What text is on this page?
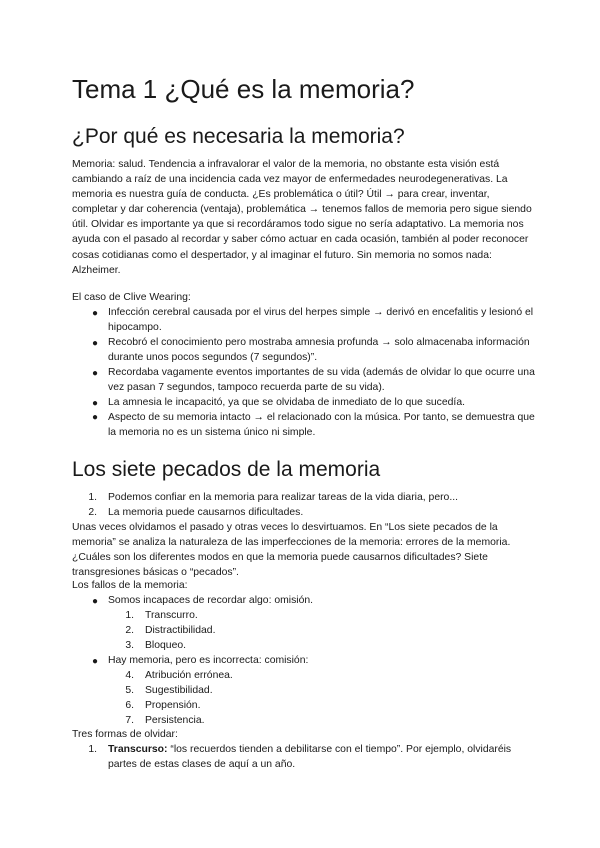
Tema 1 ¿Qué es la memoria?
¿Por qué es necesaria la memoria?

Memoria: salud. Tendencia a infravalorar el valor de la memoria, no obstante esta visión está cambiando a raíz de una incidencia cada vez mayor de enfermedades neurodegenerativas. La memoria es nuestra guía de conducta. ¿Es problemática o útil? Útil → para crear, inventar, completar y dar coherencia (ventaja), problemática → tenemos fallos de memoria pero sigue siendo útil. Olvidar es importante ya que si recordáramos todo sigue no sería adaptativo. La memoria nos ayuda con el pasado al recordar y saber cómo actuar en cada ocasión, también al poder reconocer cosas cotidianas como el despertador, y al imaginar el futuro. Sin memoria no somos nada: Alzheimer.

El caso de Clive Wearing:
● Infección cerebral causada por el virus del herpes simple → derivó en encefalitis y lesionó el hipocampo.
● Recobró el conocimiento pero mostraba amnesia profunda → solo almacenaba información durante unos pocos segundos (7 segundos)”.
● Recordaba vagamente eventos importantes de su vida (además de olvidar lo que ocurre una vez pasan 7 segundos, tampoco recuerda parte de su vida).
● La amnesia le incapacitó, ya que se olvidaba de inmediato de lo que sucedía.
● Aspecto de su memoria intacto → el relacionado con la música. Por tanto, se demuestra que la memoria no es un sistema único ni simple.
Los siete pecados de la memoria
1. Podemos confiar en la memoria para realizar tareas de la vida diaria, pero...
2. La memoria puede causarnos dificultades.

Unas veces olvidamos el pasado y otras veces lo desvirtuamos. En “Los siete pecados de la memoria” se analiza la naturaleza de las imperfecciones de la memoria: errores de la memoria. ¿Cuáles son los diferentes modos en que la memoria puede causarnos dificultades? Siete transgresiones básicas o “pecados”.

Los fallos de la memoria:
● Somos incapaces de recordar algo: omisión.
1. Transcurro.
2. Distractibilidad.
3. Bloqueo.
● Hay memoria, pero es incorrecta: comisión:
4. Atribución errónea.
5. Sugestibilidad.
6. Propensión.
7. Persistencia.
Tres formas de olvidar:
1. Transcurso: “los recuerdos tienden a debilitarse con el tiempo”. Por ejemplo, olvidaréis partes de estas clases de aquí a un año.
